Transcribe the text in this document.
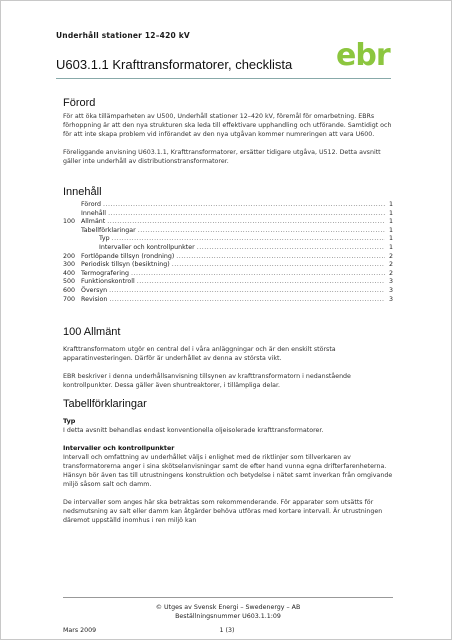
Underhåll stationer 12–420 kV
U603.1.1 Krafttransformatorer, checklista ebr
Förord

För att öka tillämparheten av U500, Underhåll stationer 12–420 kV, föremål för omarbetning. EBRs förhoppning är att den nya strukturen ska leda till effektivare upphandling och utförande. Samtidigt och för att inte skapa problem vid införandet av den nya utgåvan kommer numreringen att vara U600.

Föreliggande anvisning U603.1.1, Krafttransformatorer, ersätter tidigare utgåva, U512. Detta avsnitt gäller inte underhåll av distributionstransformatorer.

Innehåll
Förord .....	1
Innehåll .....	1
100 Allmänt .....	1
Tabellförklaringar .....	1
Typ .....	1
Intervaller och kontrollpunkter .....	1
200 Fortlöpande tillsyn (rondning) .....	2
300 Periodisk tillsyn (besiktning) .....	2
400 Termografering .....	2
500 Funktionskontroll .....	3
600 Översyn .....	3
700 Revision .....	3
100 Allmänt

Krafttransformatorn utgör en central del i våra anläggningar och är den enskilt största apparatinvesteringen. Därför är underhållet av denna av största vikt.

EBR beskriver i denna underhållsanvisning tillsynen av krafttransformatorn i nedanstående kontrollpunkter. Dessa gäller även shuntreaktorer, i tillämpliga delar.

Tabellförklaringar
Typ

I detta avsnitt behandlas endast konventionella oljeisolerade krafttransformatorer.

Intervaller och kontrollpunkter

Intervall och omfattning av underhållet väljs i enlighet med de riktlinjer som tillverkaren av transformatorerna anger i sina skötselanvisningar samt de efter hand vunna egna drifterfarenheterna. Hänsyn bör även tas till utrustningens konstruktion och betydelse i nätet samt inverkan från omgivande miljö såsom salt och damm.

De intervaller som anges här ska betraktas som rekommenderande. För apparater som utsätts för nedsmutsning av salt eller damm kan åtgärder behöva utföras med kortare intervall. Är utrustningen däremot uppställd inomhus i ren miljö kan

© Utges av Svensk Energi – Swedenergy – AB
Beställningsnummer U603.1.1:09
Mars 2009	1 (3)
